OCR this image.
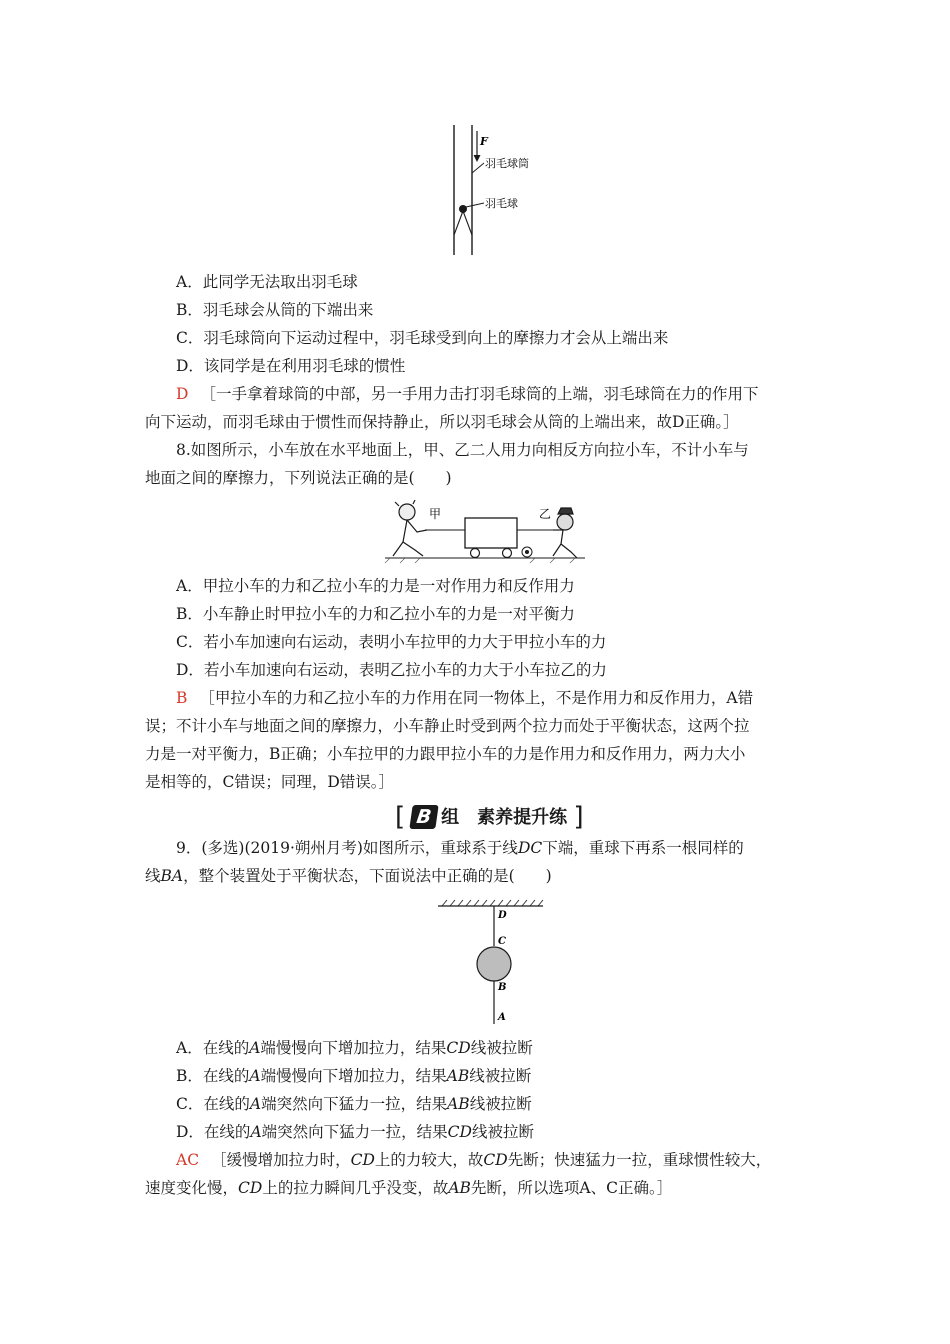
F
羽毛球筒
羽毛球
A．此同学无法取出羽毛球
B．羽毛球会从筒的下端出来
C．羽毛球筒向下运动过程中，羽毛球受到向上的摩擦力才会从上端出来
D．该同学是在利用羽毛球的惯性
D ［一手拿着球筒的中部，另一手用力击打羽毛球筒的上端，羽毛球筒在力的作用下
向下运动，而羽毛球由于惯性而保持静止，所以羽毛球会从筒的上端出来，故D正确。］
8.如图所示，小车放在水平地面上，甲、乙二人用力向相反方向拉小车，不计小车与
地面之间的摩擦力，下列说法正确的是(　　)
甲	乙
A．甲拉小车的力和乙拉小车的力是一对作用力和反作用力
B．小车静止时甲拉小车的力和乙拉小车的力是一对平衡力
C．若小车加速向右运动，表明小车拉甲的力大于甲拉小车的力
D．若小车加速向右运动，表明乙拉小车的力大于小车拉乙的力
B ［甲拉小车的力和乙拉小车的力作用在同一物体上，不是作用力和反作用力，A错
误；不计小车与地面之间的摩擦力，小车静止时受到两个拉力而处于平衡状态，这两个拉
力是一对平衡力，B正确；小车拉甲的力跟甲拉小车的力是作用力和反作用力，两力大小
是相等的，C错误；同理，D错误。］
[ B 组　素养提升练 ]
9．(多选)(2019·朔州月考)如图所示，重球系于线DC下端，重球下再系一根同样的
线BA，整个装置处于平衡状态，下面说法中正确的是(　　)
D
C
B
A
A．在线的A端慢慢向下增加拉力，结果CD线被拉断
B．在线的A端慢慢向下增加拉力，结果AB线被拉断
C．在线的A端突然向下猛力一拉，结果AB线被拉断
D．在线的A端突然向下猛力一拉，结果CD线被拉断
AC ［缓慢增加拉力时，CD上的力较大，故CD先断；快速猛力一拉，重球惯性较大，
速度变化慢，CD上的拉力瞬间几乎没变，故AB先断，所以选项A、C正确。］
